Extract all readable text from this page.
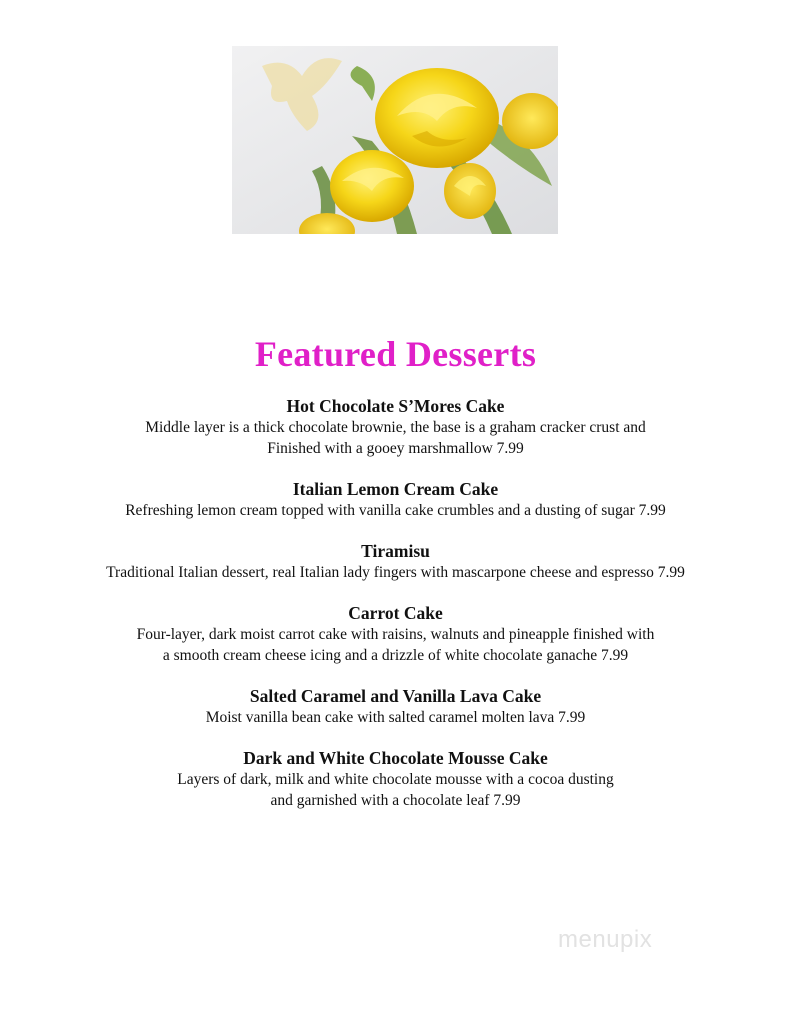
Featured Desserts
Hot Chocolate S’Mores Cake
Middle layer is a thick chocolate brownie, the base is a graham cracker crust and
Finished with a gooey marshmallow 7.99
Italian Lemon Cream Cake
Refreshing lemon cream topped with vanilla cake crumbles and a dusting of sugar 7.99
Tiramisu
Traditional Italian dessert, real Italian lady fingers with mascarpone cheese and espresso 7.99
Carrot Cake
Four-layer, dark moist carrot cake with raisins, walnuts and pineapple finished with
a smooth cream cheese icing and a drizzle of white chocolate ganache 7.99
Salted Caramel and Vanilla Lava Cake
Moist vanilla bean cake with salted caramel molten lava 7.99
Dark and White Chocolate Mousse Cake
Layers of dark, milk and white chocolate mousse with a cocoa dusting
and garnished with a chocolate leaf 7.99
menupix
